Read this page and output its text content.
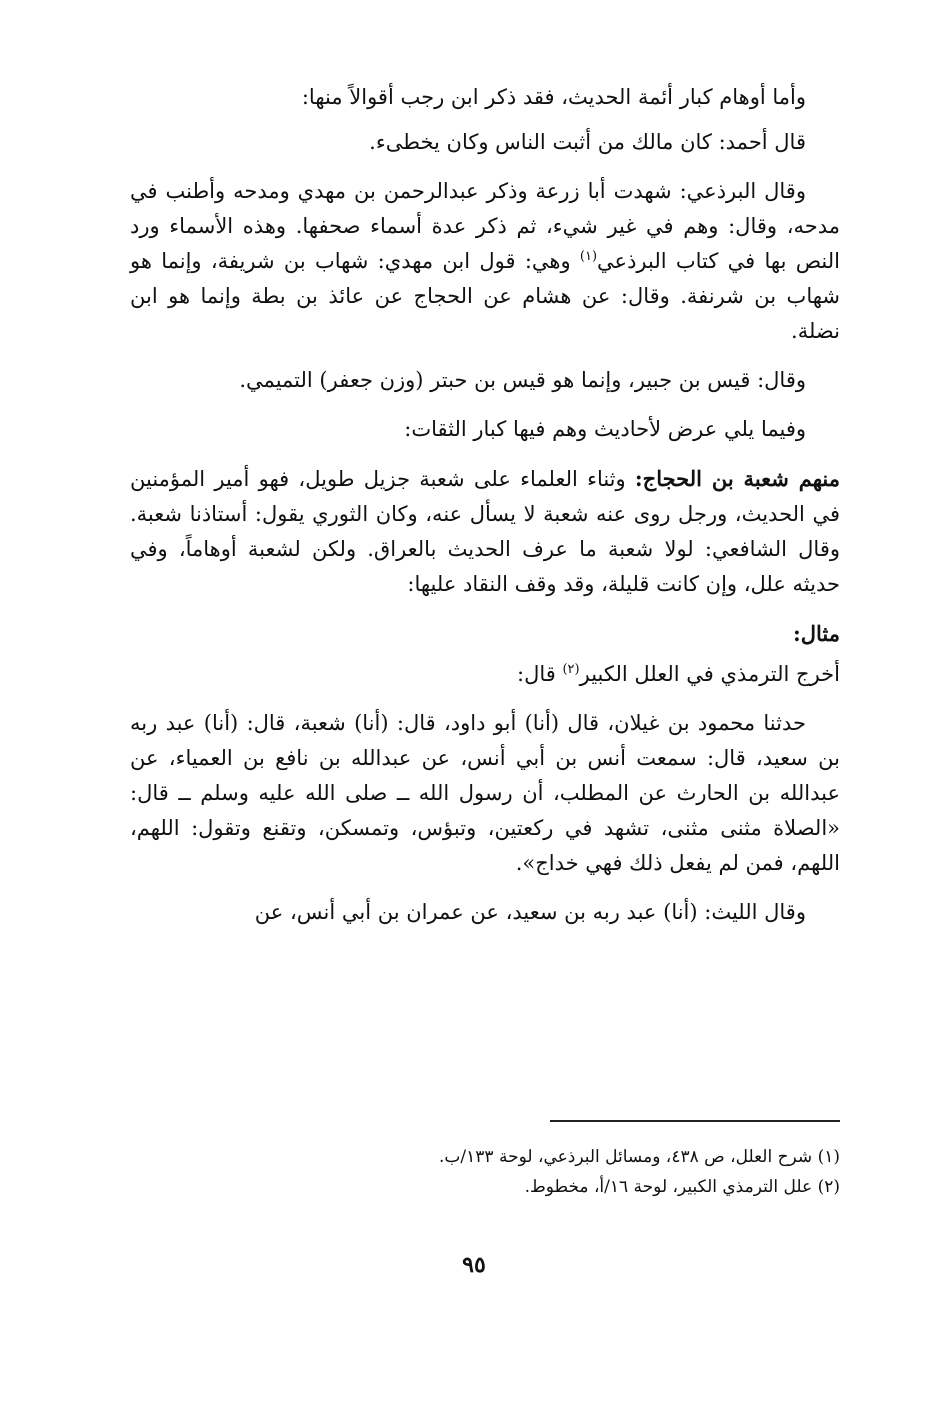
وأما أوهام كبار أئمة الحديث، فقد ذكر ابن رجب أقوالاً منها:

قال أحمد: كان مالك من أثبت الناس وكان يخطىء.

وقال البرذعي: شهدت أبا زرعة وذكر عبدالرحمن بن مهدي ومدحه وأطنب في مدحه، وقال: وهم في غير شيء، ثم ذكر عدة أسماء صحفها. وهذه الأسماء ورد النص بها في كتاب البرذعي$^{(١)}$ وهي: قول ابن مهدي: شهاب بن شريفة، وإنما هو شهاب بن شرنفة. وقال: عن هشام عن الحجاج عن عائذ بن بطة وإنما هو ابن نضلة.

وقال: قيس بن جبير، وإنما هو قيس بن حبتر (وزن جعفر) التميمي.

وفيما يلي عرض لأحاديث وهم فيها كبار الثقات:

منهم شعبة بن الحجاج: وثناء العلماء على شعبة جزيل طويل، فهو أمير المؤمنين في الحديث، ورجل روى عنه شعبة لا يسأل عنه، وكان الثوري يقول: أستاذنا شعبة. وقال الشافعي: لولا شعبة ما عرف الحديث بالعراق. ولكن لشعبة أوهاماً، وفي حديثه علل، وإن كانت قليلة، وقد وقف النقاد عليها:

مثال:

أخرج الترمذي في العلل الكبير$^{(٢)}$ قال:

حدثنا محمود بن غيلان، قال (أنا) أبو داود، قال: (أنا) شعبة، قال: (أنا) عبد ربه بن سعيد، قال: سمعت أنس بن أبي أنس، عن عبدالله بن نافع بن العمياء، عن عبدالله بن الحارث عن المطلب، أن رسول الله ــ صلى الله عليه وسلم ــ قال: «الصلاة مثنى مثنى، تشهد في ركعتين، وتبؤس، وتمسكن، وتقنع وتقول: اللهم، اللهم، فمن لم يفعل ذلك فهي خداج».

وقال الليث: (أنا) عبد ربه بن سعيد، عن عمران بن أبي أنس، عن

(١) شرح العلل، ص ٤٣٨، ومسائل البرذعي، لوحة ١٣٣/ب.

(٢) علل الترمذي الكبير، لوحة ١٦/أ، مخطوط.

٩٥
